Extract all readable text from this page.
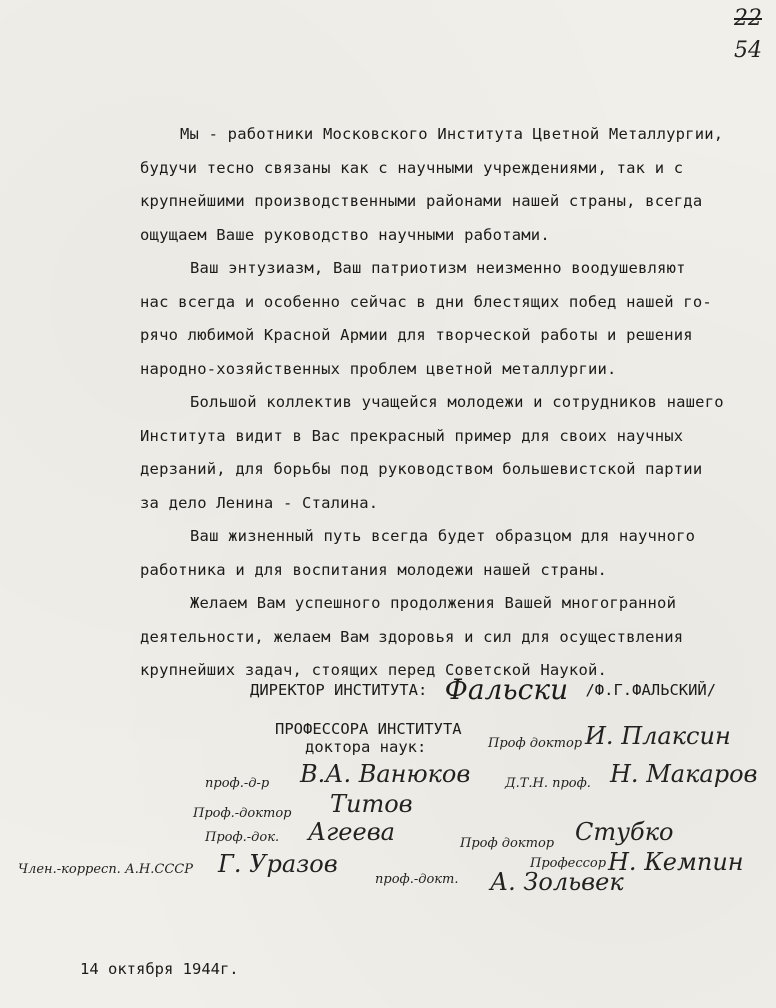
22
54

Мы - работники Московского Института Цветной Металлургии,
будучи тесно связаны как с научными учреждениями, так и с
крупнейшими производственными районами нашей страны, всегда
ощущаем Ваше руководство научными работами.

Ваш энтузиазм, Ваш патриотизм неизменно воодушевляют
нас всегда и особенно сейчас в дни блестящих побед нашей го-
рячо любимой Красной Армии для творческой работы и решения
народно-хозяйственных проблем цветной металлургии.

Большой коллектив учащейся молодежи и сотрудников нашего
Института видит в Вас прекрасный пример для своих научных
дерзаний, для борьбы под руководством большевистской партии
за дело Ленина - Сталина.

Ваш жизненный путь всегда будет образцом для научного
работника и для воспитания молодежи нашей страны.

Желаем Вам успешного продолжения Вашей многогранной
деятельности, желаем Вам здоровья и сил для осуществления
крупнейших задач, стоящих перед Советской Наукой.

ДИРЕКТОР ИНСТИТУТА: Фальски /Ф.Г.ФАЛЬСКИЙ/
ПРОФЕССОРА ИНСТИТУТА
доктора наук:	Проф доктор И. Плаксин
проф.-д-р В.А. Ванюков	Д.Т.Н. проф. Н. Макаров
Проф.-доктор Титов
Проф.-док. Агеева	Проф доктор Стубко
Член.-корресп. А.Н.СССР Г. Уразов	Профессор Н. Кемпин
проф.-докт. А. Зольвек
14 октября 1944г.
